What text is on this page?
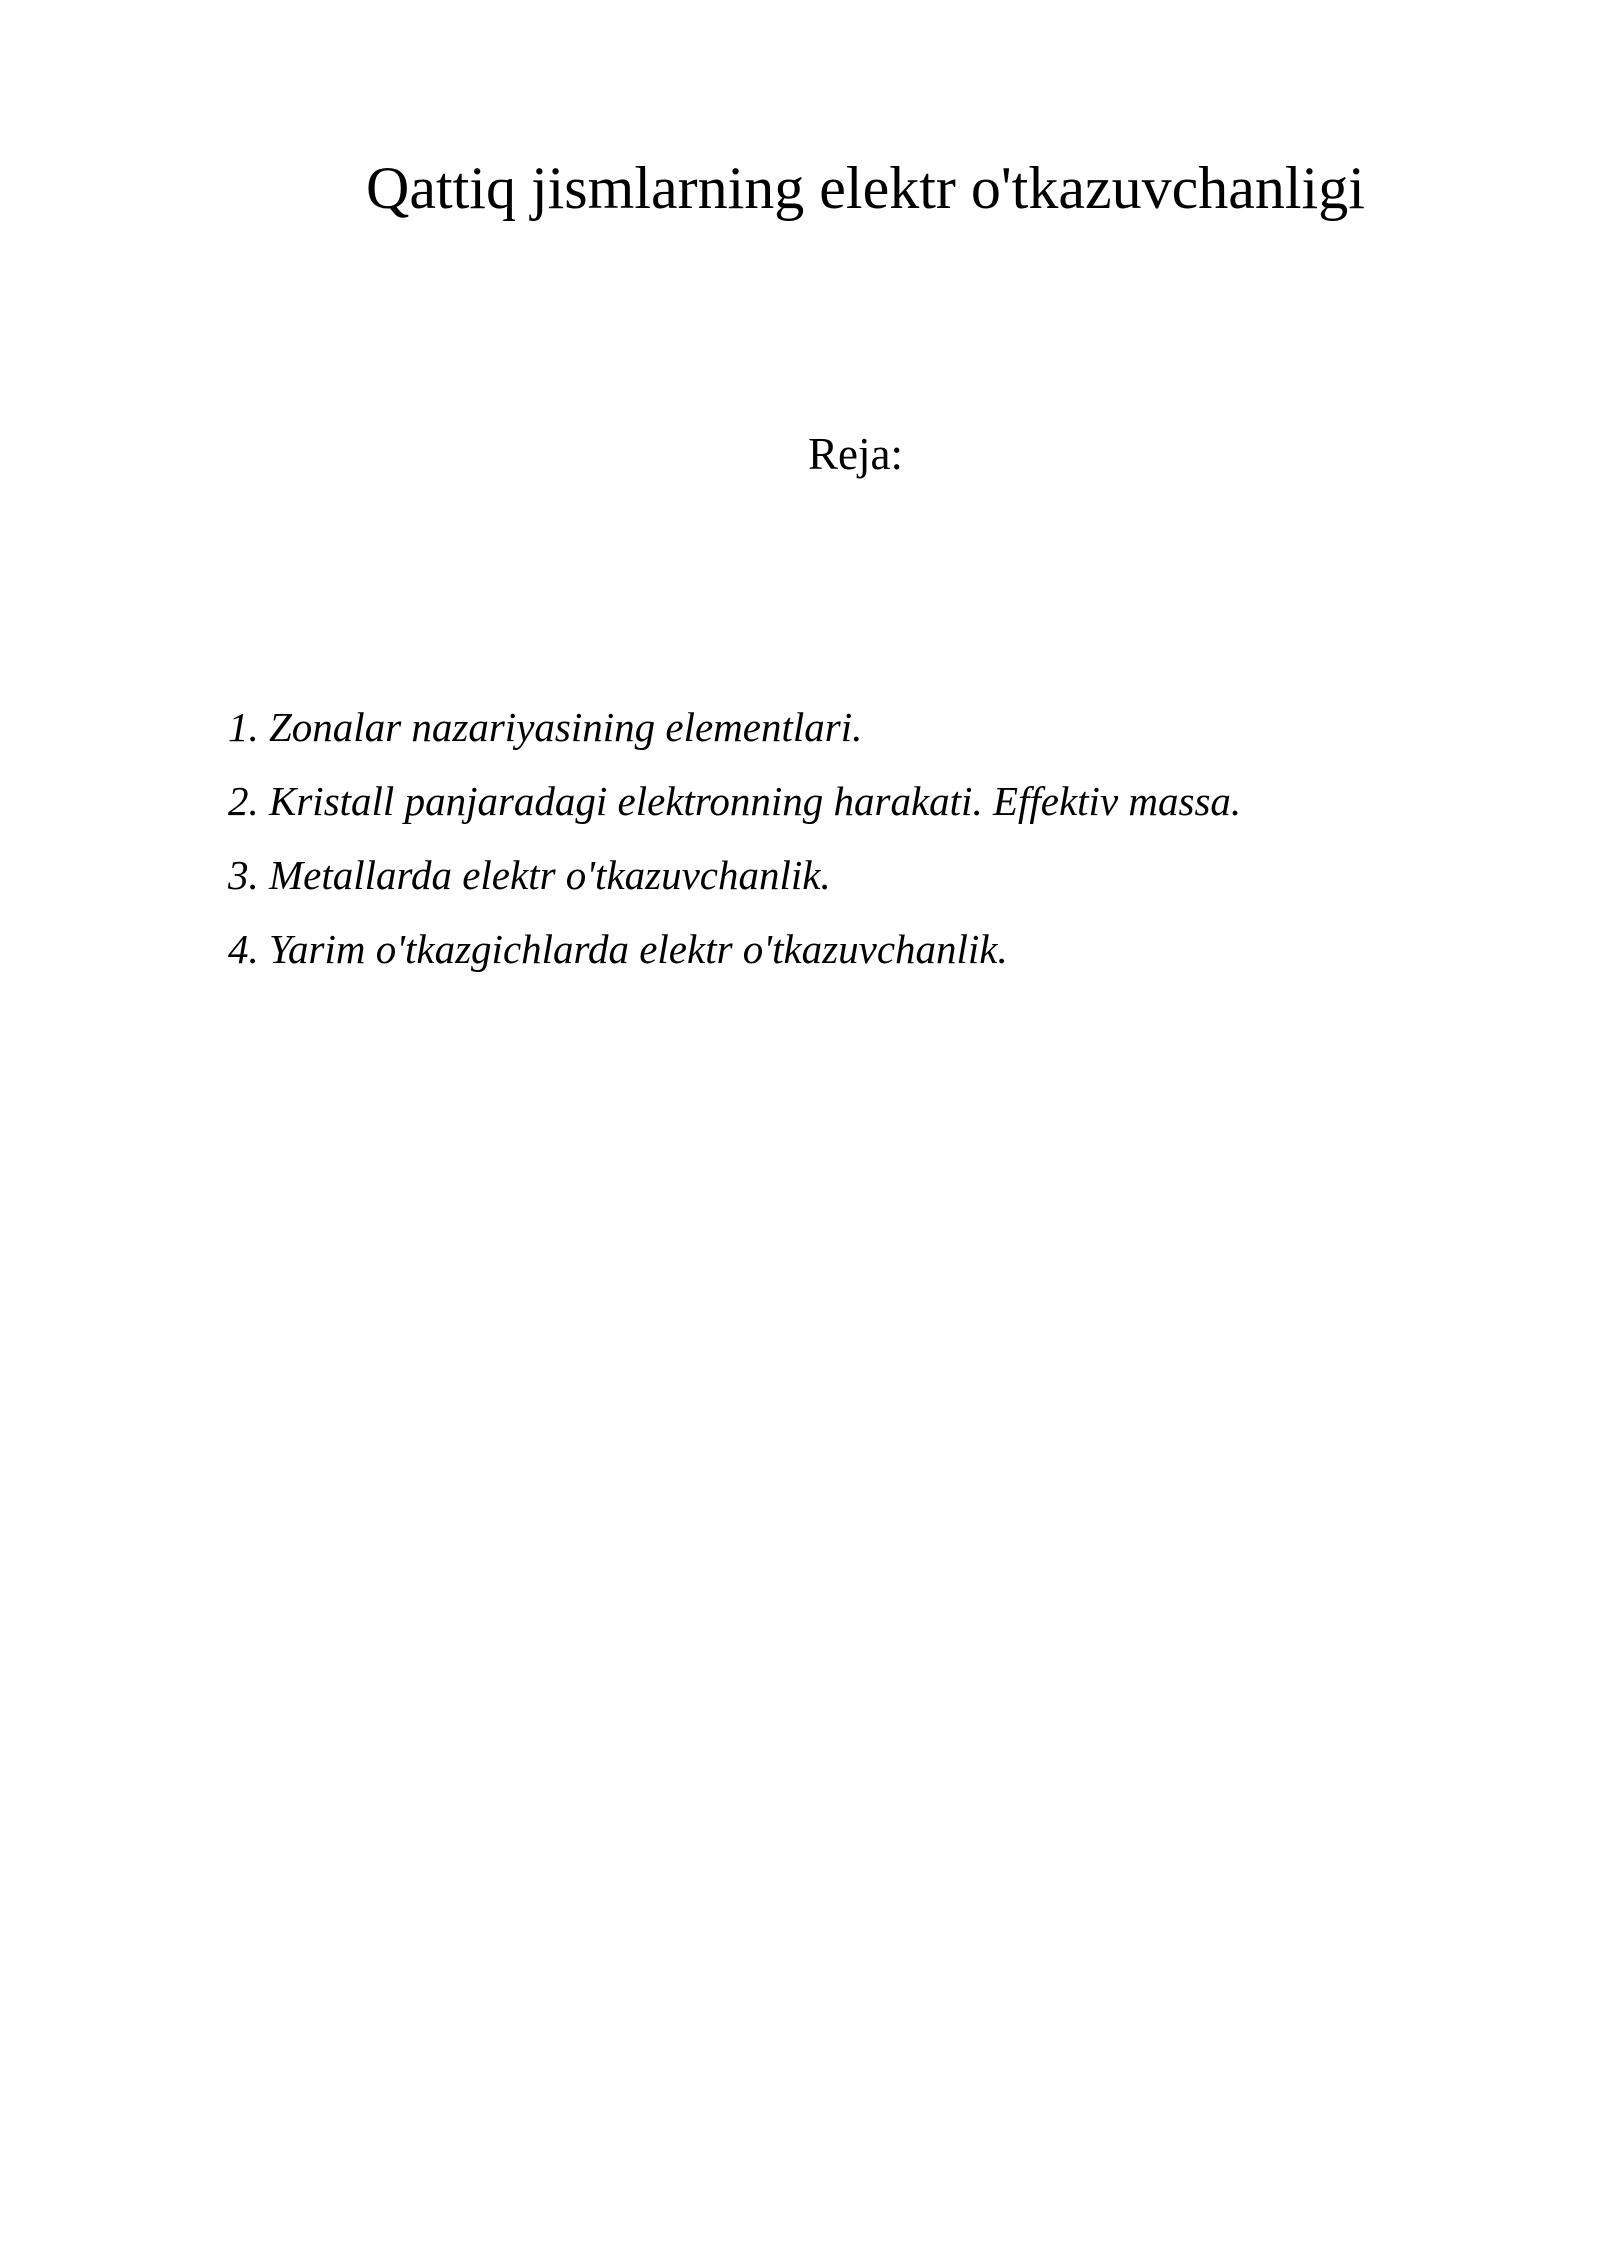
Qattiq jismlarning elektr o'tkazuvchanligi
Reja:
1. Zonalar nazariyasining elementlari.
2. Kristall panjaradagi elektronning harakati. Effektiv massa.
3. Metallarda elektr o'tkazuvchanlik.
4. Yarim o'tkazgichlarda elektr o'tkazuvchanlik.
